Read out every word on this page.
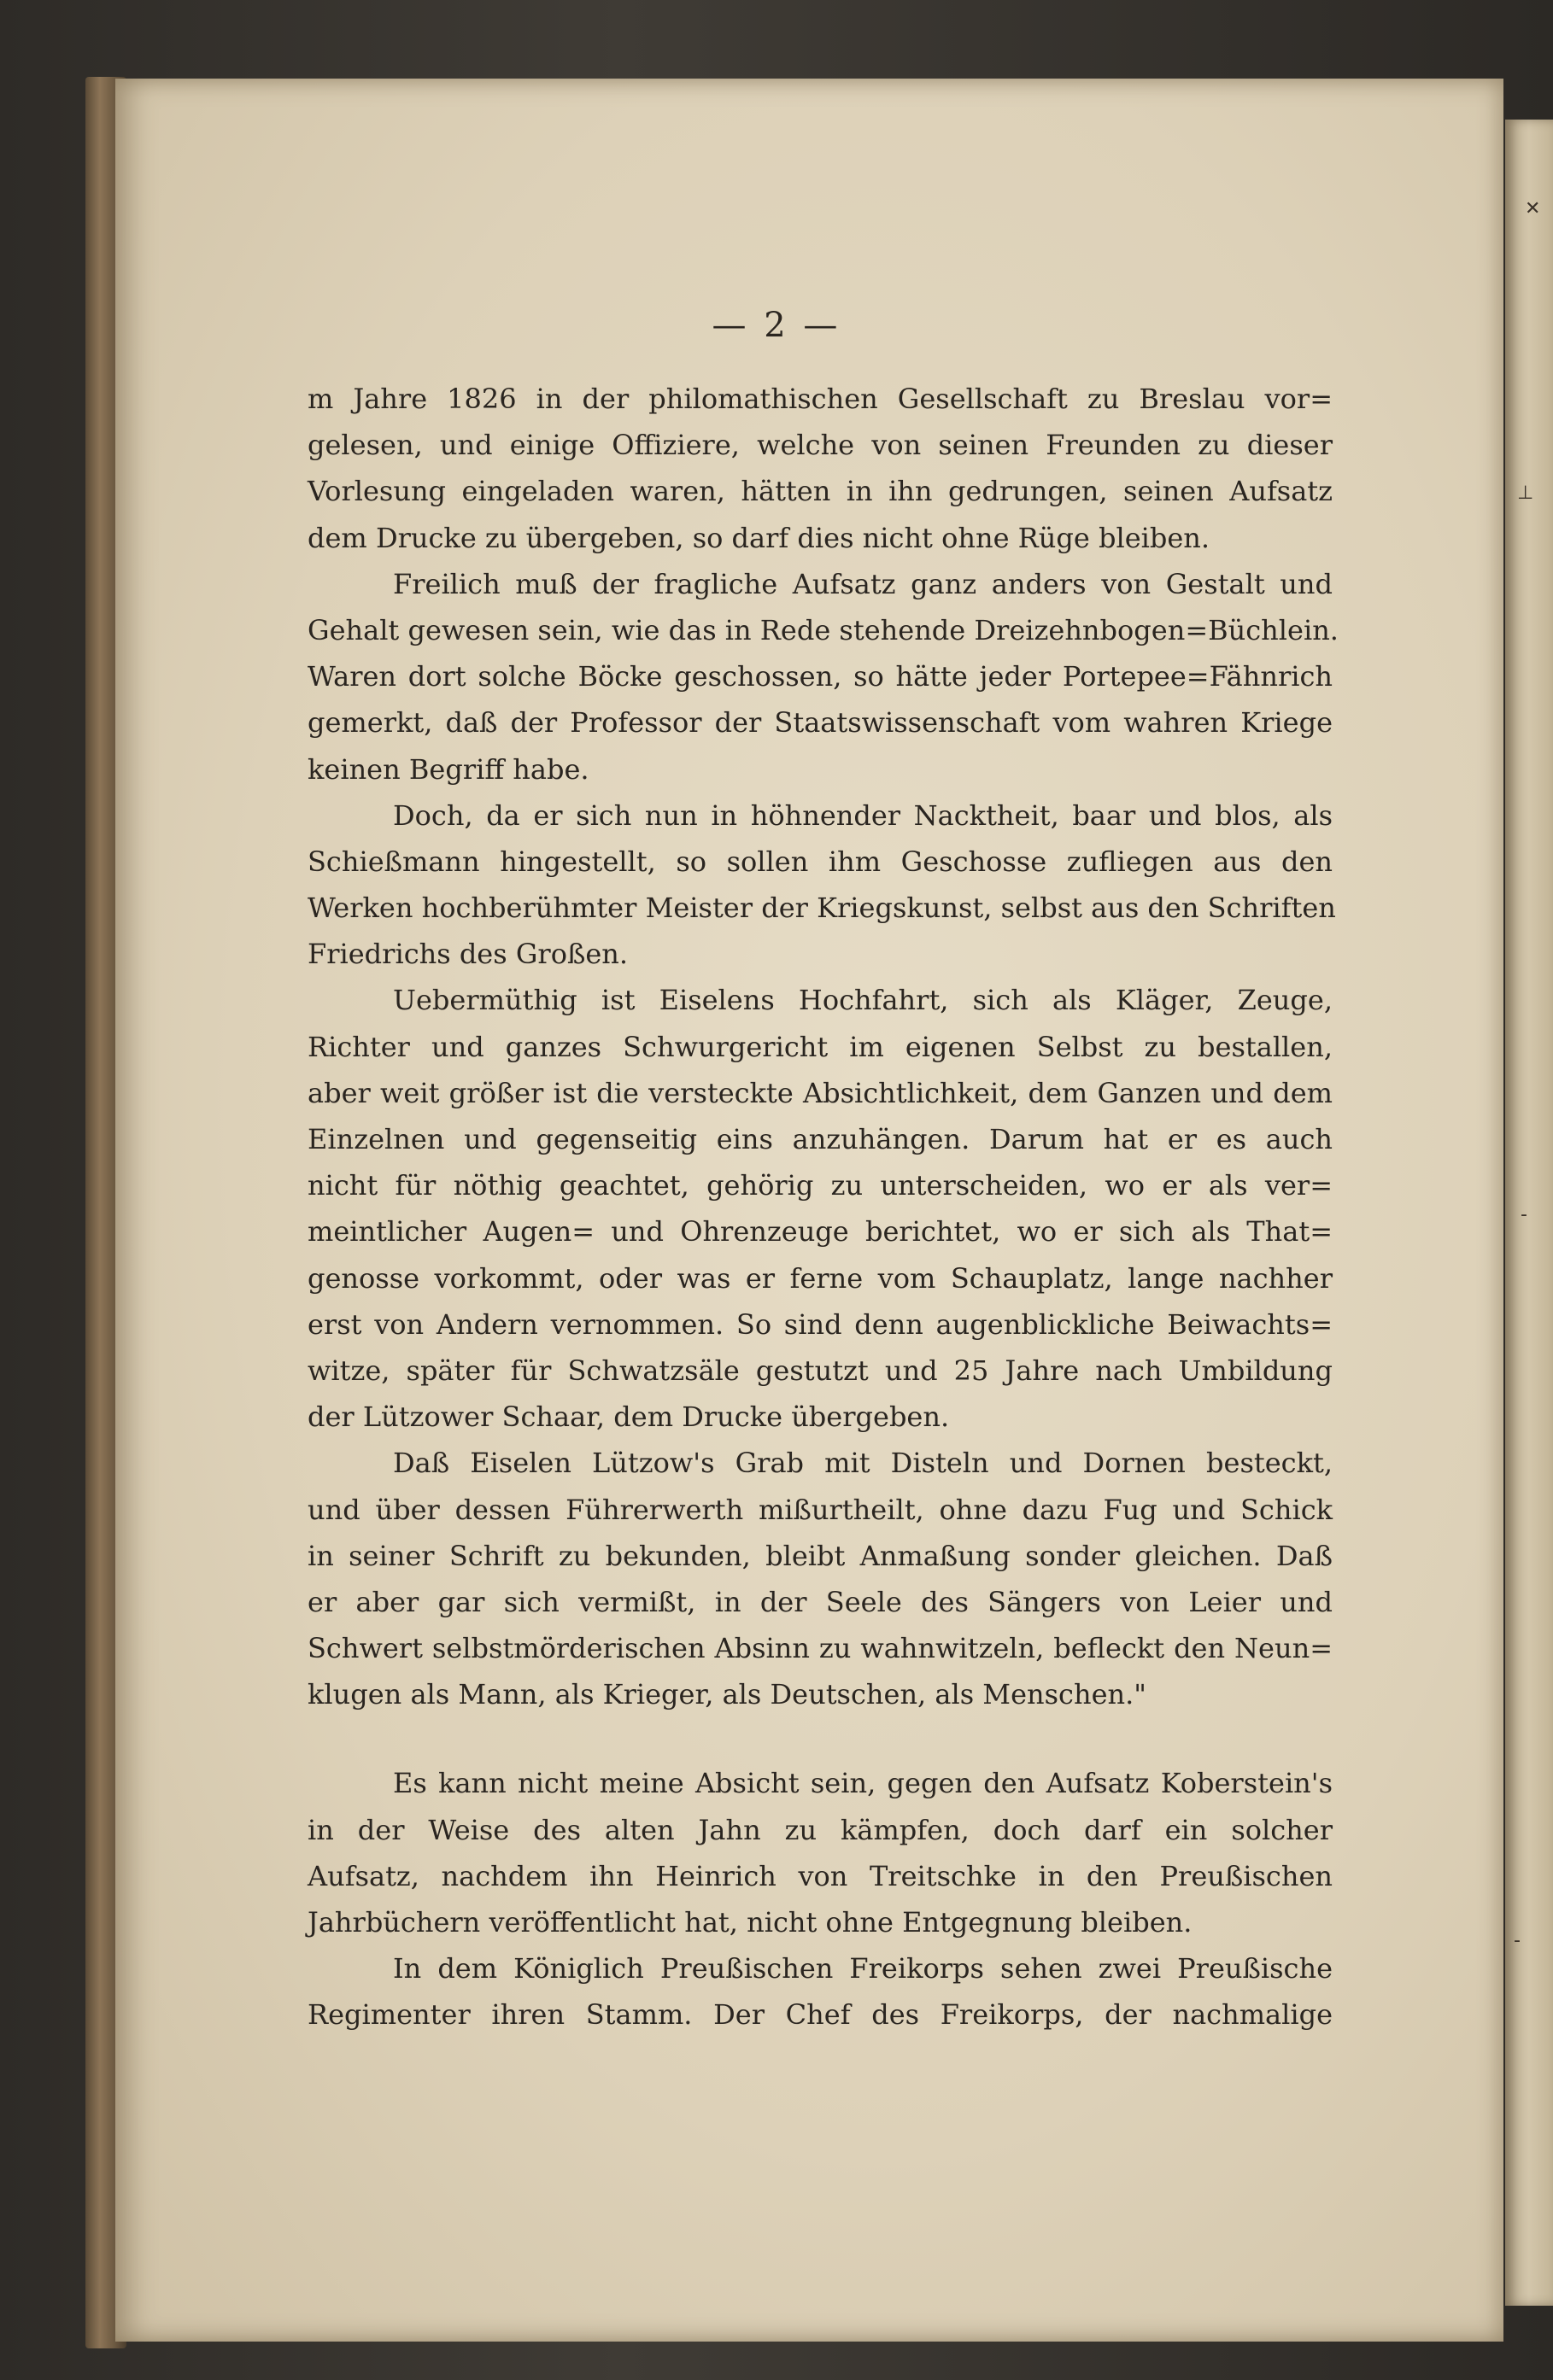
— 2 —
m Jahre 1826 in der philomathischen Gesellschaft zu Breslau vor=
gelesen, und einige Offiziere, welche von seinen Freunden zu dieser
Vorlesung eingeladen waren, hätten in ihn gedrungen, seinen Aufsatz
dem Drucke zu übergeben, so darf dies nicht ohne Rüge bleiben.
Freilich muß der fragliche Aufsatz ganz anders von Gestalt und
Gehalt gewesen sein, wie das in Rede stehende Dreizehnbogen=Büchlein.
Waren dort solche Böcke geschossen, so hätte jeder Portepee=Fähnrich
gemerkt, daß der Professor der Staatswissenschaft vom wahren Kriege
keinen Begriff habe.
Doch, da er sich nun in höhnender Nacktheit, baar und blos, als
Schießmann hingestellt, so sollen ihm Geschosse zufliegen aus den
Werken hochberühmter Meister der Kriegskunst, selbst aus den Schriften
Friedrichs des Großen.
Uebermüthig ist Eiselens Hochfahrt, sich als Kläger, Zeuge,
Richter und ganzes Schwurgericht im eigenen Selbst zu bestallen,
aber weit größer ist die versteckte Absichtlichkeit, dem Ganzen und dem
Einzelnen und gegenseitig eins anzuhängen. Darum hat er es auch
nicht für nöthig geachtet, gehörig zu unterscheiden, wo er als ver=
meintlicher Augen= und Ohrenzeuge berichtet, wo er sich als That=
genosse vorkommt, oder was er ferne vom Schauplatz, lange nachher
erst von Andern vernommen. So sind denn augenblickliche Beiwachts=
witze, später für Schwatzsäle gestutzt und 25 Jahre nach Umbildung
der Lützower Schaar, dem Drucke übergeben.
Daß Eiselen Lützow's Grab mit Disteln und Dornen besteckt,
und über dessen Führerwerth mißurtheilt, ohne dazu Fug und Schick
in seiner Schrift zu bekunden, bleibt Anmaßung sonder gleichen. Daß
er aber gar sich vermißt, in der Seele des Sängers von Leier und
Schwert selbstmörderischen Absinn zu wahnwitzeln, befleckt den Neun=
klugen als Mann, als Krieger, als Deutschen, als Menschen."
Es kann nicht meine Absicht sein, gegen den Aufsatz Koberstein's
in der Weise des alten Jahn zu kämpfen, doch darf ein solcher
Aufsatz, nachdem ihn Heinrich von Treitschke in den Preußischen
Jahrbüchern veröffentlicht hat, nicht ohne Entgegnung bleiben.
In dem Königlich Preußischen Freikorps sehen zwei Preußische
Regimenter ihren Stamm. Der Chef des Freikorps, der nachmalige
✕
⊥
‐
‐
